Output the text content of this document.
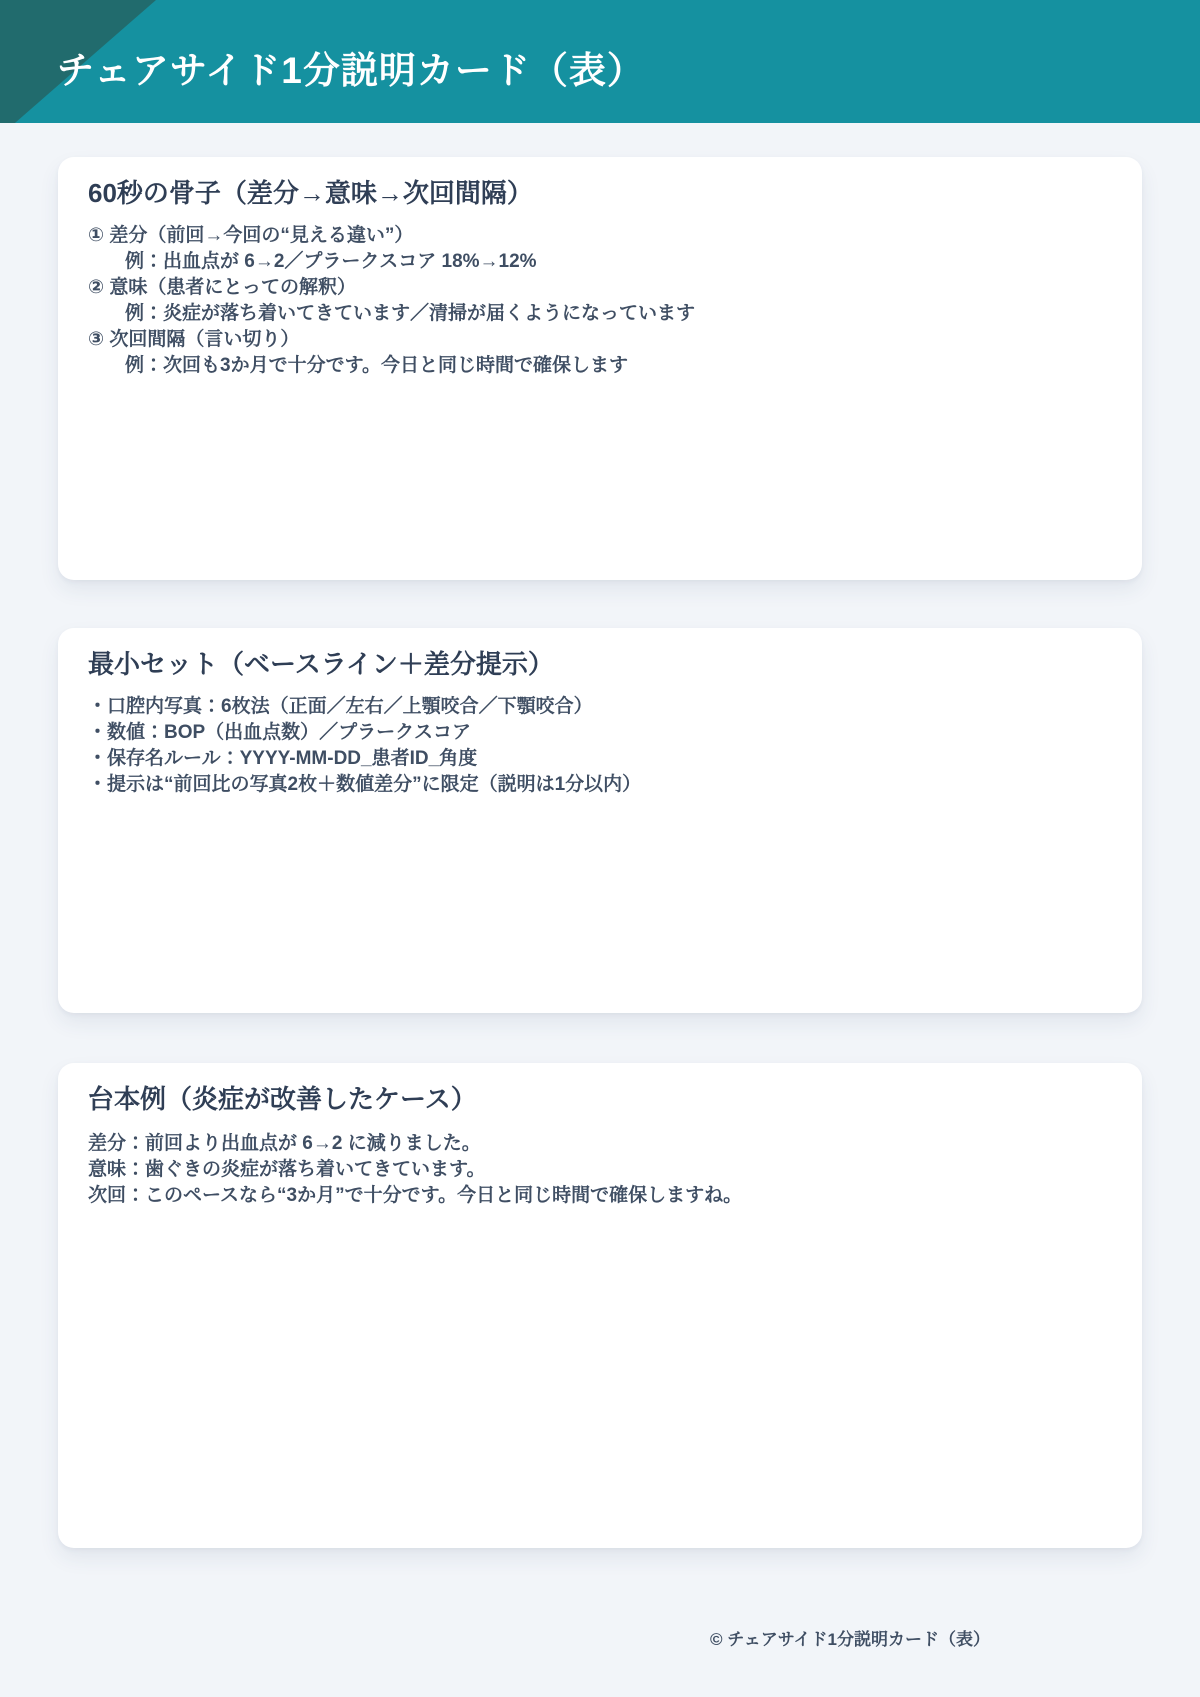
チェアサイド1分説明カード（表）
60秒の骨子（差分→意味→次回間隔）
① 差分（前回→今回の“見える違い”）
例：出血点が 6→2／プラークスコア 18%→12%
② 意味（患者にとっての解釈）
例：炎症が落ち着いてきています／清掃が届くようになっています
③ 次回間隔（言い切り）
例：次回も3か月で十分です。今日と同じ時間で確保します
最小セット（ベースライン＋差分提示）
・口腔内写真：6枚法（正面／左右／上顎咬合／下顎咬合）
・数値：BOP（出血点数）／プラークスコア
・保存名ルール：YYYY-MM-DD_患者ID_角度
・提示は“前回比の写真2枚＋数値差分”に限定（説明は1分以内）
台本例（炎症が改善したケース）
差分：前回より出血点が 6→2 に減りました。
意味：歯ぐきの炎症が落ち着いてきています。
次回：このペースなら“3か月”で十分です。今日と同じ時間で確保しますね。
© チェアサイド1分説明カード（表）
